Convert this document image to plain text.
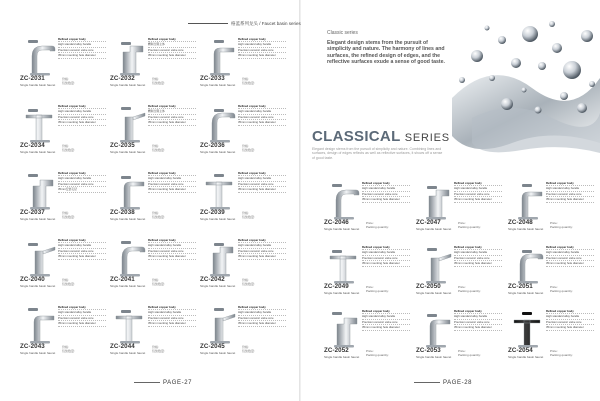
格蓝系列龙头 / Faucet basin series
Classic series
Elegant design stems from the pursuit of simplicity and nature. The harmony of lines and surfaces, the refined design of edges, and the reflective surfaces exude a sense of good taste.
CLASSICAL SERIES
Elegant design stems from the pursuit of simplicity and nature. Combining lines and surfaces, design of edges reflects as well as reflective surfaces, it shows off a sense of good taste.
Refined copper body
High standard alloy handle
Precision ceramic valve core
35mm mounting hole diameter
ZC-2031
Single handle basin faucet
价格:
包装数量:
Refined copper body
精制全铜主体
Precision ceramic valve core
35mm mounting hole diameter
ZC-2032
Single handle basin faucet
价格:
包装数量:
Refined copper body
High standard alloy handle
Precision ceramic valve core
35mm mounting hole diameter
ZC-2033
Single handle basin faucet
价格:
包装数量:
Refined copper body
High standard alloy handle
Precision ceramic valve core
35mm mounting hole diameter
ZC-2034
Single handle basin faucet
价格:
包装数量:
Refined copper body
精制全铜主体
Precision ceramic valve core
35mm mounting hole diameter
ZC-2035
Single handle basin faucet
价格:
包装数量:
Refined copper body
High standard alloy handle
Precision ceramic valve core
35mm mounting hole diameter
ZC-2036
Single handle basin faucet
价格:
包装数量:
Refined copper body
High standard alloy handle
Precision ceramic valve core
35mm安装孔径
ZC-2037
Single handle basin faucet
价格:
包装数量:
Refined copper body
High standard alloy handle
Precision ceramic valve core
35mm mounting hole diameter
ZC-2038
Single handle basin faucet
价格:
包装数量:
Refined copper body
High standard alloy handle
Precision ceramic valve core
35mm mounting hole diameter
ZC-2039
Single handle basin faucet
价格:
包装数量:
Refined copper body
High standard alloy handle
Precision ceramic valve core
35mm mounting hole diameter
ZC-2040
Single handle basin faucet
价格:
包装数量:
Refined copper body
High standard alloy handle
Precision ceramic valve core
35mm mounting hole diameter
ZC-2041
Single handle basin faucet
价格:
包装数量:
Refined copper body
High standard alloy handle
Precision ceramic valve core
35mm mounting hole diameter
ZC-2042
Single handle basin faucet
价格:
包装数量:
Refined copper body
High standard alloy handle
Precision ceramic valve core
35mm mounting hole diameter
ZC-2043
Single handle basin faucet
价格:
包装数量:
Refined copper body
High standard alloy handle
Precision ceramic valve core
35mm mounting hole diameter
ZC-2044
Single handle basin faucet
价格:
包装数量:
Refined copper body
High standard alloy handle
Precision ceramic valve core
35mm mounting hole diameter
ZC-2045
Single handle basin faucet
价格:
包装数量:
Refined copper body
High standard alloy handle
Precision ceramic valve core
35mm mounting hole diameter
ZC-2046
Single handle basin faucet
Price:
Packing quantity:
Refined copper body
High standard alloy handle
Precision ceramic valve core
35mm mounting hole diameter
ZC-2047
Single handle basin faucet
Price:
Packing quantity:
Refined copper body
High standard alloy handle
Precision ceramic valve core
35mm mounting hole diameter
ZC-2048
Single handle basin faucet
Price:
Packing quantity:
Refined copper body
High standard alloy handle
Precision ceramic valve core
35mm mounting hole diameter
ZC-2049
Single handle basin faucet
Price:
Packing quantity:
Refined copper body
High standard alloy handle
Precision ceramic valve core
35mm mounting hole diameter
ZC-2050
Single handle basin faucet
Price:
Packing quantity:
Refined copper body
High standard alloy handle
Precision ceramic valve core
35mm mounting hole diameter
ZC-2051
Single handle basin faucet
Price:
Packing quantity:
Refined copper body
High standard alloy handle
Precision ceramic valve core
35mm mounting hole diameter
ZC-2052
Single handle basin faucet
Price:
Packing quantity:
Refined copper body
High standard alloy handle
Precision ceramic valve core
35mm mounting hole diameter
ZC-2053
Single handle basin faucet
Price:
Packing quantity:
Refined copper body
High standard alloy handle
Precision ceramic valve core
35mm mounting hole diameter
ZC-2054
Single handle basin faucet
Price:
Packing quantity:
PAGE-27	PAGE-28
